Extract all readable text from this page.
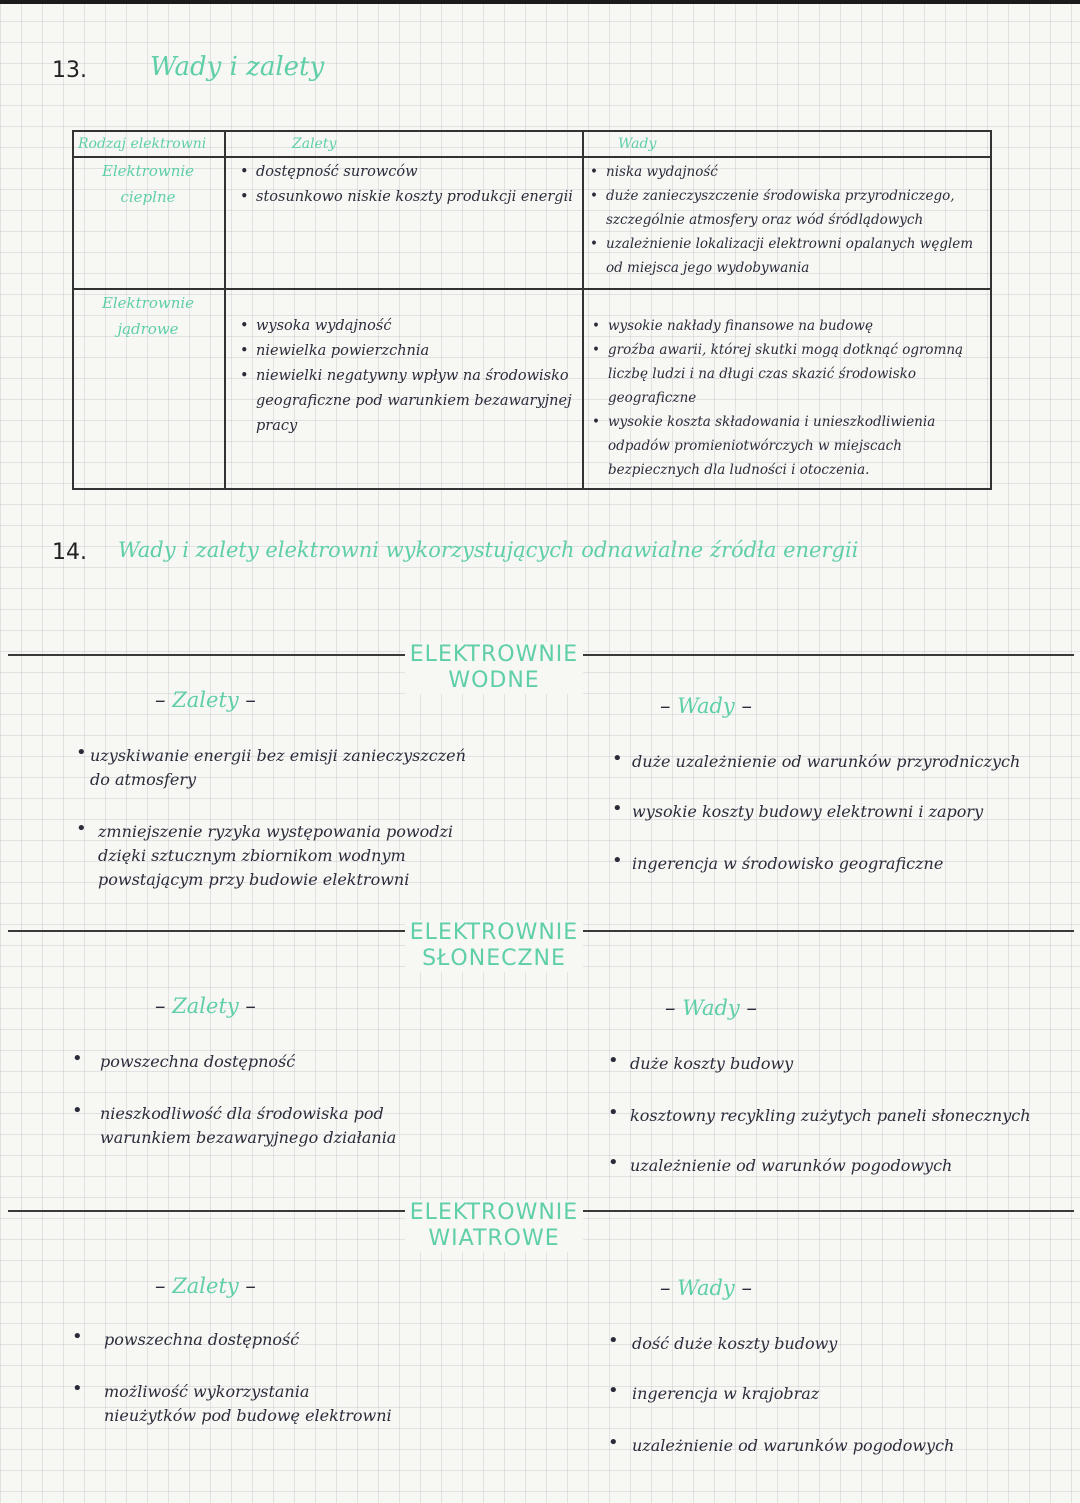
13. Wady i zalety
Rodzaj elektrowni	Zalety	Wady
Elektrownie cieplne
• dostępność surowców
• stosunkowo niskie koszty produkcji energii
• niska wydajność
• duże zanieczyszczenie środowiska przyrodniczego, szczególnie atmosfery oraz wód śródlądowych
• uzależnienie lokalizacji elektrowni opalanych węglem od miejsca jego wydobywania
Elektrownie jądrowe
•	wysoka wydajność
• niewielka powierzchnia
• niewielki negatywny wpływ na środowisko geograficzne pod warunkiem bezawaryjnej pracy
• wysokie nakłady finansowe na budowę
• groźba awarii, której skutki mogą dotknąć ogromną liczbę ludzi i na długi czas skazić środowisko geograficzne
• wysokie koszta składowania i unieszkodliwienia odpadów promieniotwórczych w miejscach bezpiecznych dla ludności i otoczenia.
14. Wady i zalety elektrowni wykorzystujących odnawialne źródła energii
ELEKTROWNIE
WODNE
– Zalety –	– Wady –
• uzyskiwanie energii bez emisji zanieczyszczeń do atmosfery
• zmniejszenie ryzyka występowania powodzi dzięki sztucznym zbiornikom wodnym powstającym przy budowie elektrowni
• duże uzależnienie od warunków przyrodniczych
• wysokie koszty budowy elektrowni i zapory
• ingerencja w środowisko geograficzne
ELEKTROWNIE
SŁONECZNE
– Zalety –	– Wady –
• powszechna dostępność
• nieszkodliwość dla środowiska pod warunkiem bezawaryjnego działania
• duże koszty budowy
• kosztowny recykling zużytych paneli słonecznych
• uzależnienie od warunków pogodowych
ELEKTROWNIE
WIATROWE
– Zalety –	– Wady –
• powszechna dostępność
• możliwość wykorzystania nieużytków pod budowę elektrowni
• dość duże koszty budowy
• ingerencja w krajobraz
• uzależnienie od warunków pogodowych
